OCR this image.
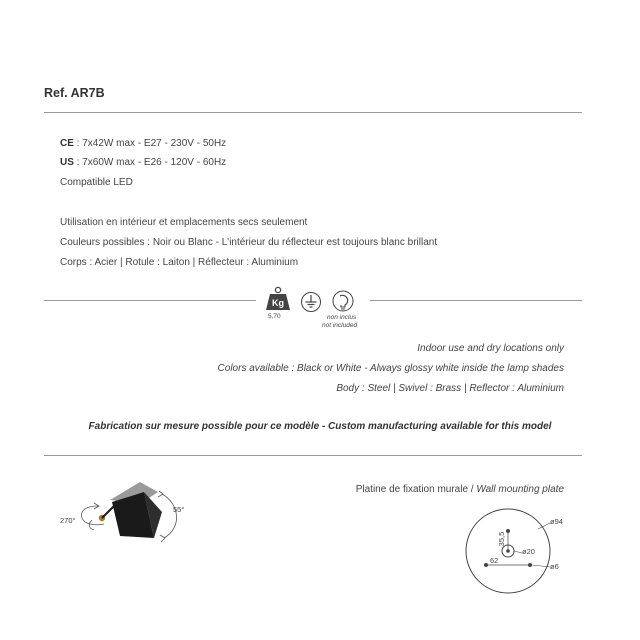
Ref. AR7B
CE : 7x42W max - E27 - 230V - 50Hz
US : 7x60W max - E26 - 120V - 60Hz
Compatible LED
Utilisation en intérieur et emplacements secs seulement
Couleurs possibles : Noir ou Blanc - L'intérieur du réflecteur est toujours blanc brillant
Corps : Acier | Rotule : Laiton | Réflecteur : Aluminium
Kg
5,70	non inclus
not included
Indoor use and dry locations only
Colors available : Black or White - Always glossy white inside the lamp shades
Body : Steel | Swivel : Brass | Reflector : Aluminium
Fabrication sur mesure possible pour ce modèle - Custom manufacturing available for this model
55°
270°
Platine de fixation murale / Wall mounting plate
ø94
35,5
ø20
62
ø6
